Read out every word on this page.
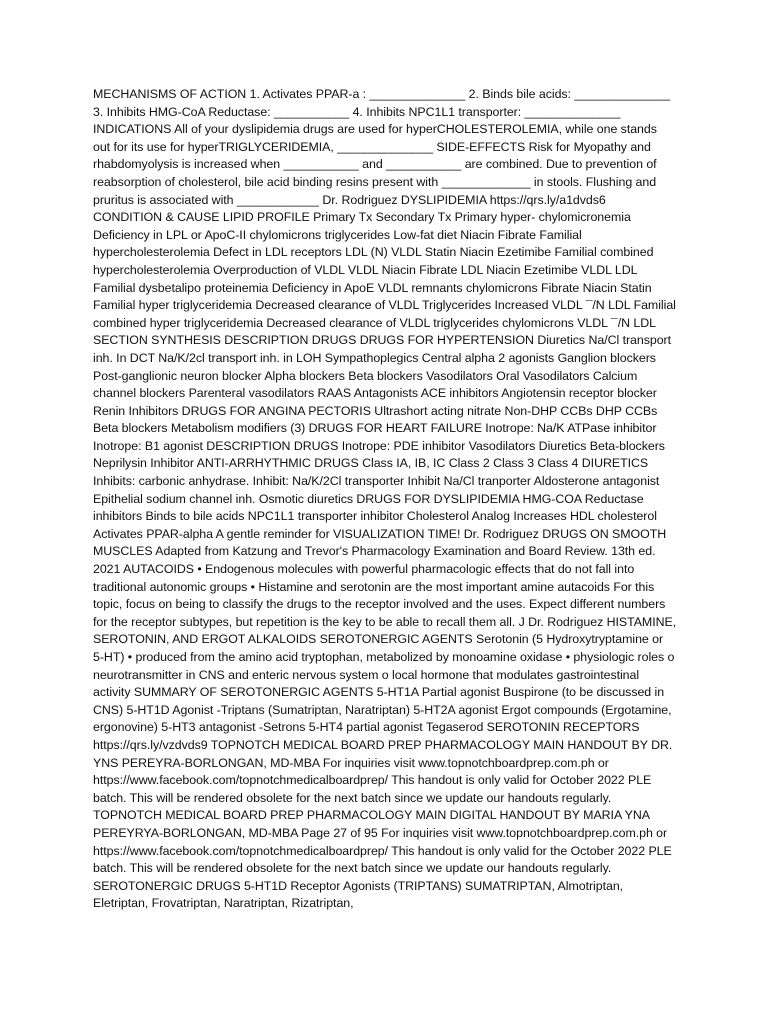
MECHANISMS OF ACTION 1. Activates PPAR-a : ______________ 2. Binds bile acids: ______________ 3. Inhibits HMG-CoA Reductase: ___________ 4. Inhibits NPC1L1 transporter: ______________ INDICATIONS All of your dyslipidemia drugs are used for hyperCHOLESTEROLEMIA, while one stands out for its use for hyperTRIGLYCERIDEMIA, ______________ SIDE-EFFECTS Risk for Myopathy and rhabdomyolysis is increased when ___________ and ___________ are combined. Due to prevention of reabsorption of cholesterol, bile acid binding resins present with _____________ in stools. Flushing and pruritus is associated with ____________ Dr. Rodriguez DYSLIPIDEMIA https://qrs.ly/a1dvds6 CONDITION & CAUSE LIPID PROFILE Primary Tx Secondary Tx Primary hyper- chylomicronemia Deficiency in LPL or ApoC-II chylomicrons triglycerides Low-fat diet Niacin Fibrate Familial hypercholesterolemia Defect in LDL receptors LDL (N) VLDL Statin Niacin Ezetimibe Familial combined hypercholesterolemia Overproduction of VLDL VLDL Niacin Fibrate LDL Niacin Ezetimibe VLDL LDL Familial dysbetalipo proteinemia Deficiency in ApoE VLDL remnants chylomicrons Fibrate Niacin Statin Familial hyper triglyceridemia Decreased clearance of VLDL Triglycerides Increased VLDL ¯/N LDL Familial combined hyper triglyceridemia Decreased clearance of VLDL triglycerides chylomicrons VLDL ¯/N LDL SECTION SYNTHESIS DESCRIPTION DRUGS DRUGS FOR HYPERTENSION Diuretics Na/Cl transport inh. In DCT Na/K/2cl transport inh. in LOH Sympathoplegics Central alpha 2 agonists Ganglion blockers Post-ganglionic neuron blocker Alpha blockers Beta blockers Vasodilators Oral Vasodilators Calcium channel blockers Parenteral vasodilators RAAS Antagonists ACE inhibitors Angiotensin receptor blocker Renin Inhibitors DRUGS FOR ANGINA PECTORIS Ultrashort acting nitrate Non-DHP CCBs DHP CCBs Beta blockers Metabolism modifiers (3) DRUGS FOR HEART FAILURE Inotrope: Na/K ATPase inhibitor Inotrope: B1 agonist DESCRIPTION DRUGS Inotrope: PDE inhibitor Vasodilators Diuretics Beta-blockers Neprilysin Inhibitor ANTI-ARRHYTHMIC DRUGS Class IA, IB, IC Class 2 Class 3 Class 4 DIURETICS Inhibits: carbonic anhydrase. Inhibit: Na/K/2Cl transporter Inhibit Na/Cl tranporter Aldosterone antagonist Epithelial sodium channel inh. Osmotic diuretics DRUGS FOR DYSLIPIDEMIA HMG-COA Reductase inhibitors Binds to bile acids NPC1L1 transporter inhibitor Cholesterol Analog Increases HDL cholesterol Activates PPAR-alpha A gentle reminder for VISUALIZATION TIME! Dr. Rodriguez DRUGS ON SMOOTH MUSCLES Adapted from Katzung and Trevor's Pharmacology Examination and Board Review. 13th ed. 2021 AUTACOIDS • Endogenous molecules with powerful pharmacologic effects that do not fall into traditional autonomic groups • Histamine and serotonin are the most important amine autacoids For this topic, focus on being to classify the drugs to the receptor involved and the uses. Expect different numbers for the receptor subtypes, but repetition is the key to be able to recall them all. J Dr. Rodriguez HISTAMINE, SEROTONIN, AND ERGOT ALKALOIDS SEROTONERGIC AGENTS Serotonin (5 Hydroxytryptamine or 5-HT) • produced from the amino acid tryptophan, metabolized by monoamine oxidase • physiologic roles o neurotransmitter in CNS and enteric nervous system o local hormone that modulates gastrointestinal activity SUMMARY OF SEROTONERGIC AGENTS 5-HT1A Partial agonist Buspirone (to be discussed in CNS) 5-HT1D Agonist -Triptans (Sumatriptan, Naratriptan) 5-HT2A agonist Ergot compounds (Ergotamine, ergonovine) 5-HT3 antagonist -Setrons 5-HT4 partial agonist Tegaserod SEROTONIN RECEPTORS https://qrs.ly/vzdvds9 TOPNOTCH MEDICAL BOARD PREP PHARMACOLOGY MAIN HANDOUT BY DR. YNS PEREYRA-BORLONGAN, MD-MBA For inquiries visit www.topnotchboardprep.com.ph or https://www.facebook.com/topnotchmedicalboardprep/ This handout is only valid for October 2022 PLE batch. This will be rendered obsolete for the next batch since we update our handouts regularly. TOPNOTCH MEDICAL BOARD PREP PHARMACOLOGY MAIN DIGITAL HANDOUT BY MARIA YNA PEREYRYA-BORLONGAN, MD-MBA Page 27 of 95 For inquiries visit www.topnotchboardprep.com.ph or https://www.facebook.com/topnotchmedicalboardprep/ This handout is only valid for the October 2022 PLE batch. This will be rendered obsolete for the next batch since we update our handouts regularly. SEROTONERGIC DRUGS 5-HT1D Receptor Agonists (TRIPTANS) SUMATRIPTAN, Almotriptan, Eletriptan, Frovatriptan, Naratriptan, Rizatriptan,
